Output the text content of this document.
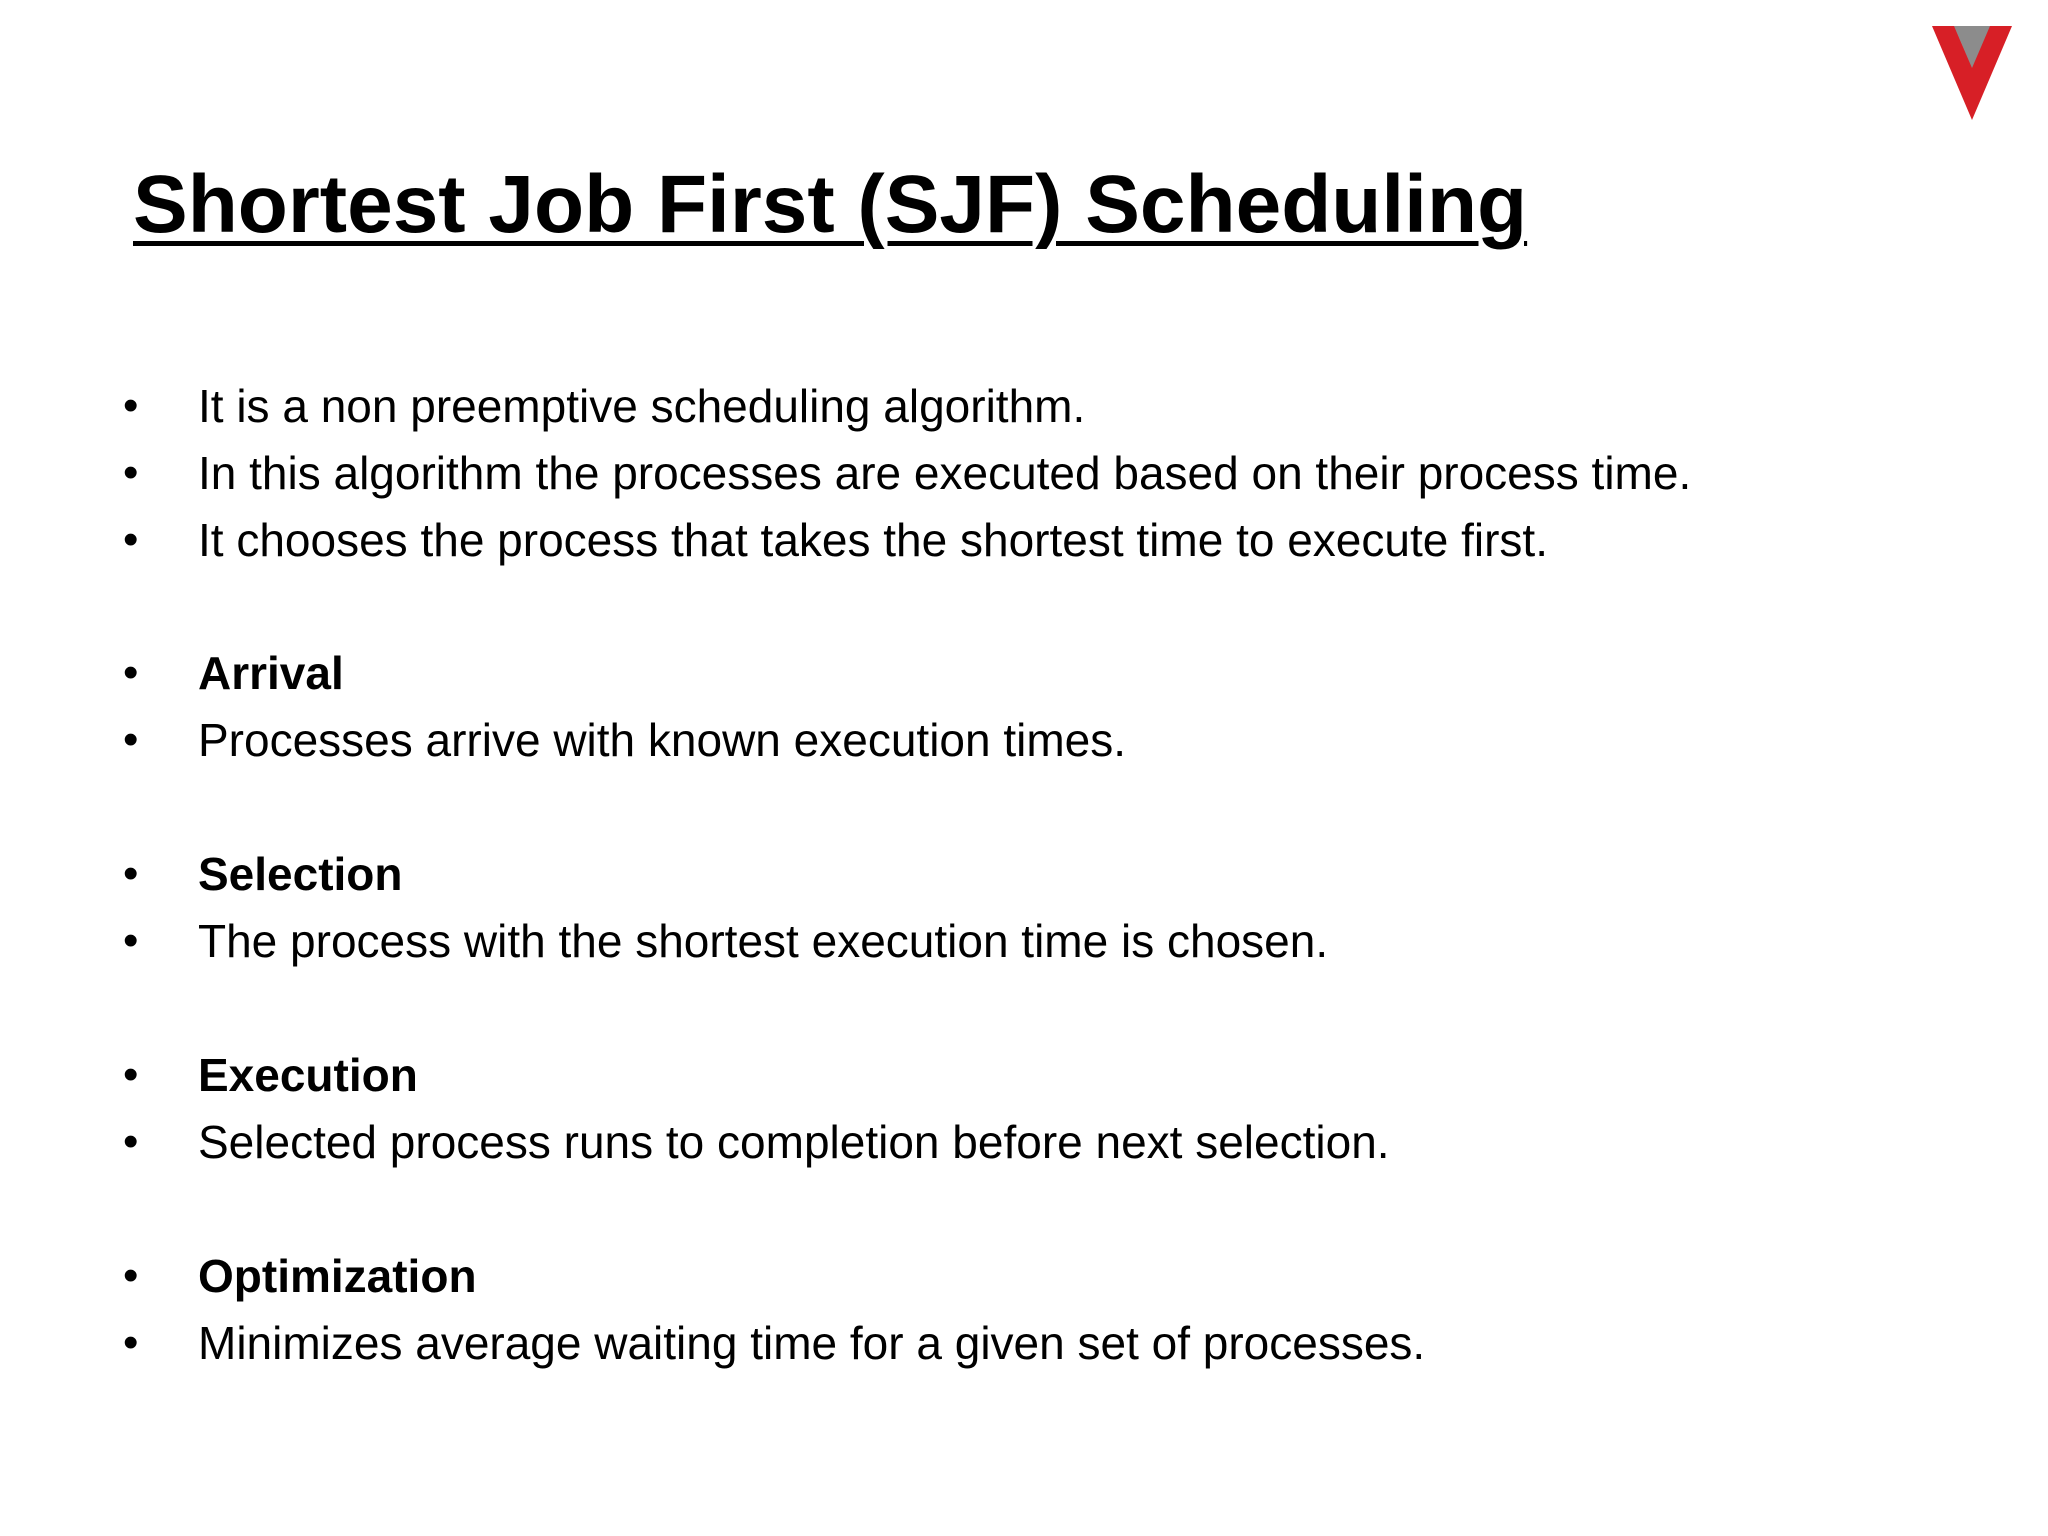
Shortest Job First (SJF) Scheduling
• It is a non preemptive scheduling algorithm.
• In this algorithm the processes are executed based on their process time.
• It chooses the process that takes the shortest time to execute first.
• Arrival
• Processes arrive with known execution times.
• Selection
• The process with the shortest execution time is chosen.
• Execution
• Selected process runs to completion before next selection.
• Optimization
• Minimizes average waiting time for a given set of processes.
